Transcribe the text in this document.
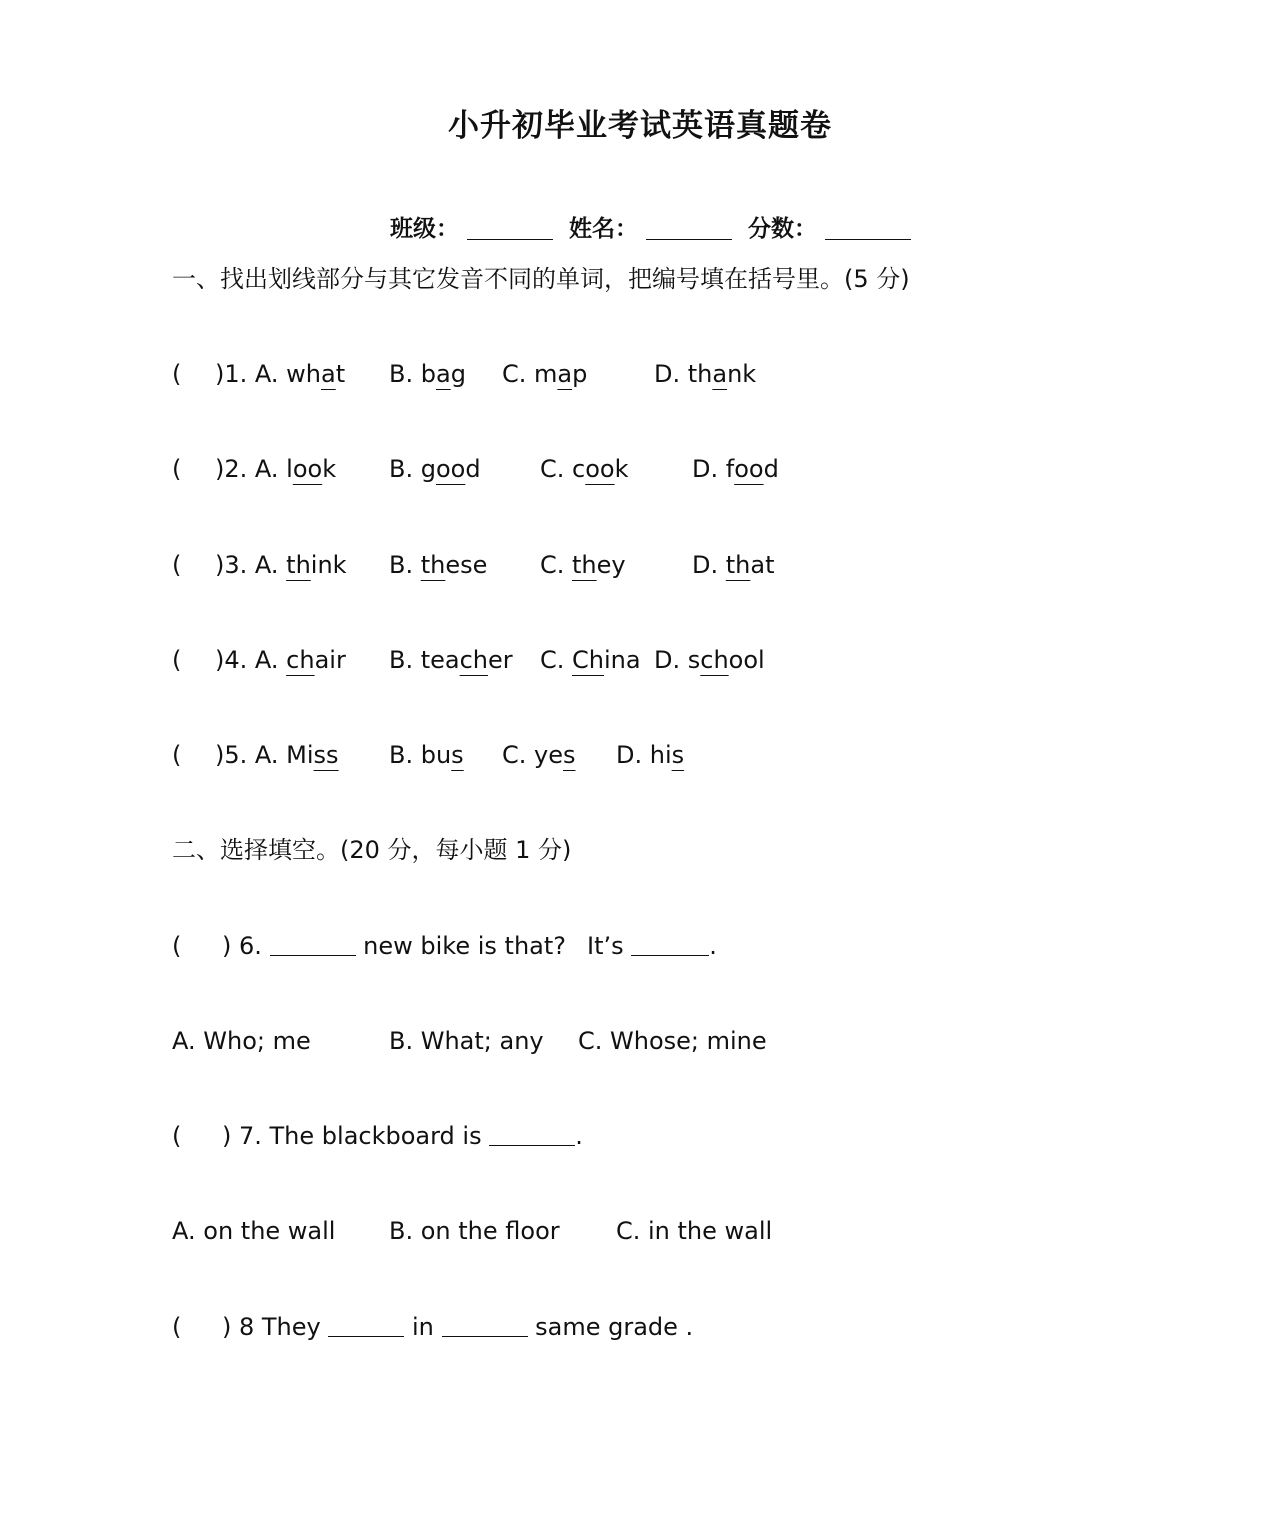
小升初毕业考试英语真题卷
班级：	姓名：	分数：
一、找出划线部分与其它发音不同的单词，把编号填在括号里。(5 分)
( )1. A. what B. bag C. map	D. thank
( )2. A. look B. good C. cook	D. food
( )3. A. think B. these C. they	D. that
( )4. A. chair B. teacher C. China D. school
( )5. A. Miss B. bus C. yes D. his
二、选择填空。(20 分，每小题 1 分)
( ) 6.	new bike is that? It’s	.
A. Who; me	B. What; any C. Whose; mine
( ) 7. The blackboard is	.
A. on the wall B. on the floor C. in the wall
( ) 8 They	in	same grade .
